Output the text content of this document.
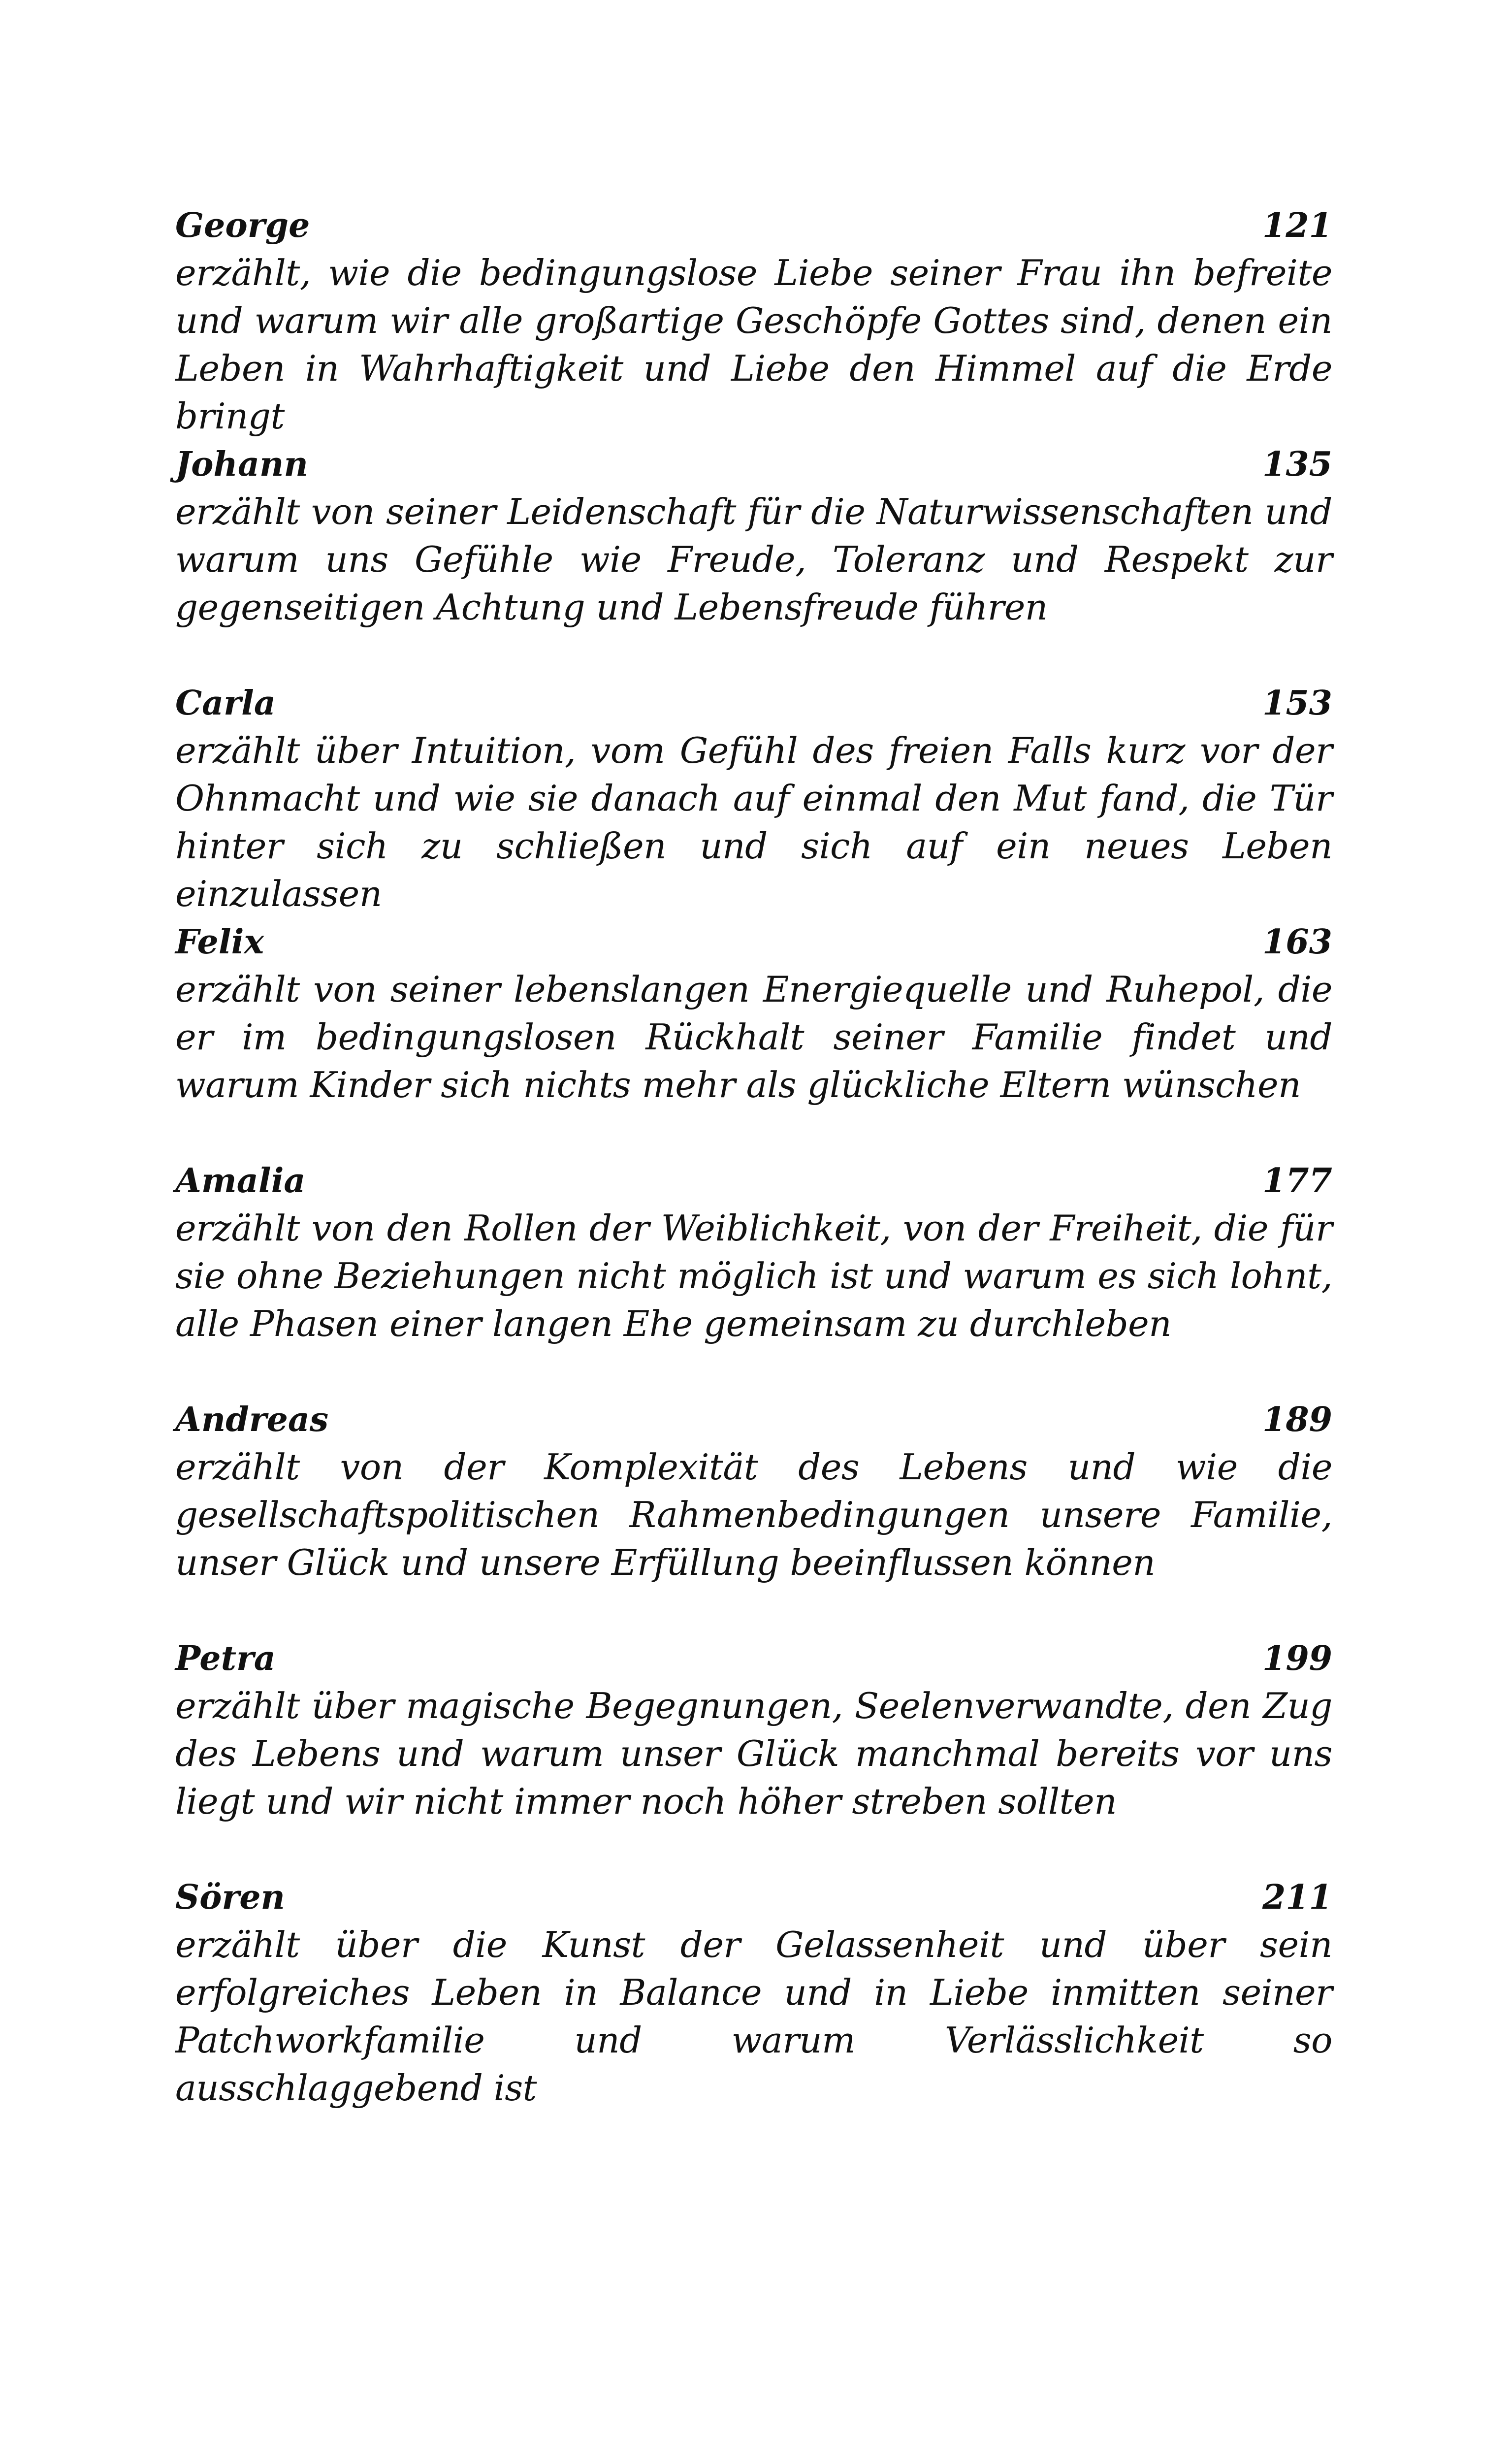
George	121

erzählt, wie die bedingungslose Liebe seiner Frau ihn befreite und warum wir alle großartige Geschöpfe Gottes sind, denen ein Leben in Wahrhaftigkeit und Liebe den Himmel auf die Erde bringt

Johann	135

erzählt von seiner Leidenschaft für die Naturwissenschaften und warum uns Gefühle wie Freude, Toleranz und Respekt zur gegenseitigen Achtung und Lebensfreude führen

Carla	153

erzählt über Intuition, vom Gefühl des freien Falls kurz vor der Ohnmacht und wie sie danach auf einmal den Mut fand, die Tür hinter sich zu schließen und sich auf ein neues Leben einzulassen

Felix	163

erzählt von seiner lebenslangen Energiequelle und Ruhepol, die er im bedingungslosen Rückhalt seiner Familie findet und warum Kinder sich nichts mehr als glückliche Eltern wünschen

Amalia	177

erzählt von den Rollen der Weiblichkeit, von der Freiheit, die für sie ohne Beziehungen nicht möglich ist und warum es sich lohnt, alle Phasen einer langen Ehe gemeinsam zu durchleben

Andreas	189

erzählt von der Komplexität des Lebens und wie die gesellschaftspolitischen Rahmenbedingungen unsere Familie, unser Glück und unsere Erfüllung beeinflussen können

Petra	199

erzählt über magische Begegnungen, Seelenverwandte, den Zug des Lebens und warum unser Glück manchmal bereits vor uns liegt und wir nicht immer noch höher streben sollten

Sören	211

erzählt über die Kunst der Gelassenheit und über sein erfolgreiches Leben in Balance und in Liebe inmitten seiner Patchworkfamilie und warum Verlässlichkeit so ausschlaggebend ist
